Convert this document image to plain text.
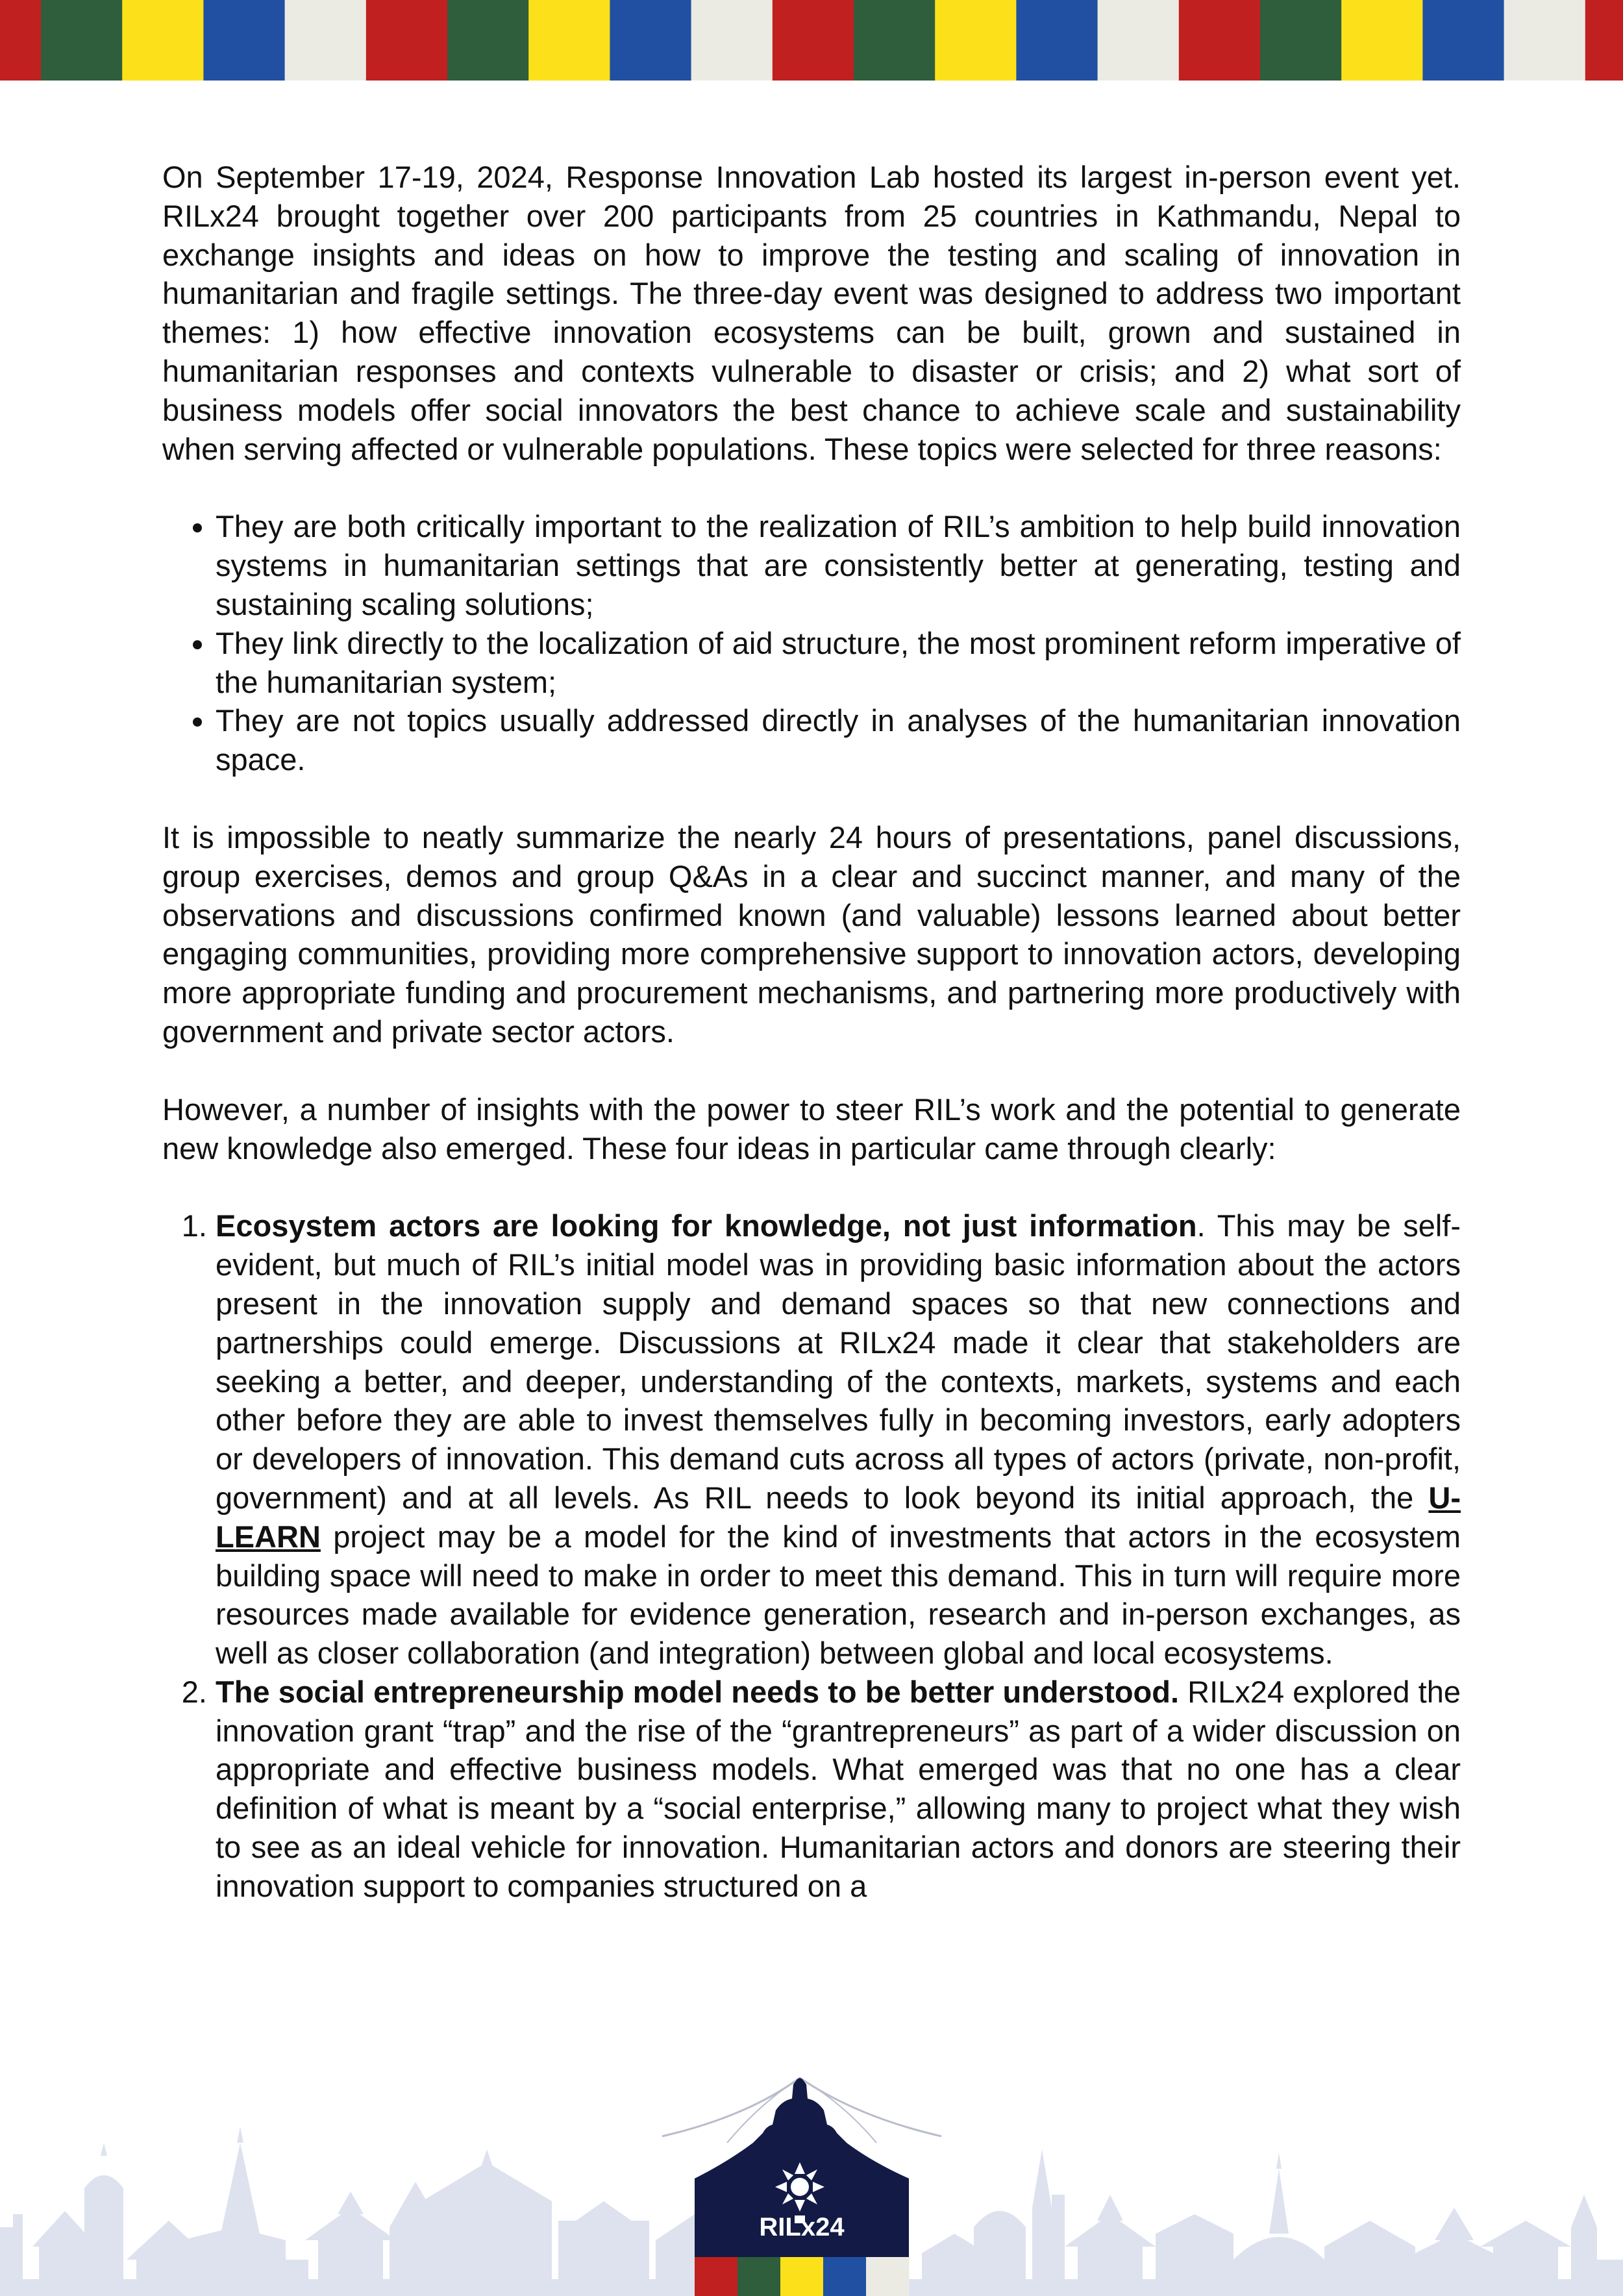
On September 17-19, 2024, Response Innovation Lab hosted its largest in-person event yet. RILx24 brought together over 200 participants from 25 countries in Kathmandu, Nepal to exchange insights and ideas on how to improve the testing and scaling of innovation in humanitarian and fragile settings. The three-day event was designed to address two important themes: 1) how effective innovation ecosystems can be built, grown and sustained in humanitarian responses and contexts vulnerable to disaster or crisis; and 2) what sort of business models offer social innovators the best chance to achieve scale and sustainability when serving affected or vulnerable populations. These topics were selected for three reasons:

• They are both critically important to the realization of RIL’s ambition to help build innovation systems in humanitarian settings that are consistently better at generating, testing and sustaining scaling solutions;
• They link directly to the localization of aid structure, the most prominent reform imperative of the humanitarian system;
• They are not topics usually addressed directly in analyses of the humanitarian innovation space.

It is impossible to neatly summarize the nearly 24 hours of presentations, panel discussions, group exercises, demos and group Q&As in a clear and succinct manner, and many of the observations and discussions confirmed known (and valuable) lessons learned about better engaging communities, providing more comprehensive support to innovation actors, developing more appropriate funding and procurement mechanisms, and partnering more productively with government and private sector actors.

However, a number of insights with the power to steer RIL’s work and the potential to generate new knowledge also emerged. These four ideas in particular came through clearly:

1. Ecosystem actors are looking for knowledge, not just information. This may be self-evident, but much of RIL’s initial model was in providing basic information about the actors present in the innovation supply and demand spaces so that new connections and partnerships could emerge. Discussions at RILx24 made it clear that stakeholders are seeking a better, and deeper, understanding of the contexts, markets, systems and each other before they are able to invest themselves fully in becoming investors, early adopters or developers of innovation. This demand cuts across all types of actors (private, non-profit, government) and at all levels. As RIL needs to look beyond its initial approach, the U-LEARN project may be a model for the kind of investments that actors in the ecosystem building space will need to make in order to meet this demand. This in turn will require more resources made available for evidence generation, research and in-person exchanges, as well as closer collaboration (and integration) between global and local ecosystems.
2. The social entrepreneurship model needs to be better understood. RILx24 explored the innovation grant “trap” and the rise of the “grantrepreneurs” as part of a wider discussion on appropriate and effective business models. What emerged was that no one has a clear definition of what is meant by a “social enterprise,” allowing many to project what they wish to see as an ideal vehicle for innovation. Humanitarian actors and donors are steering their innovation support to companies structured on a
RILx24
